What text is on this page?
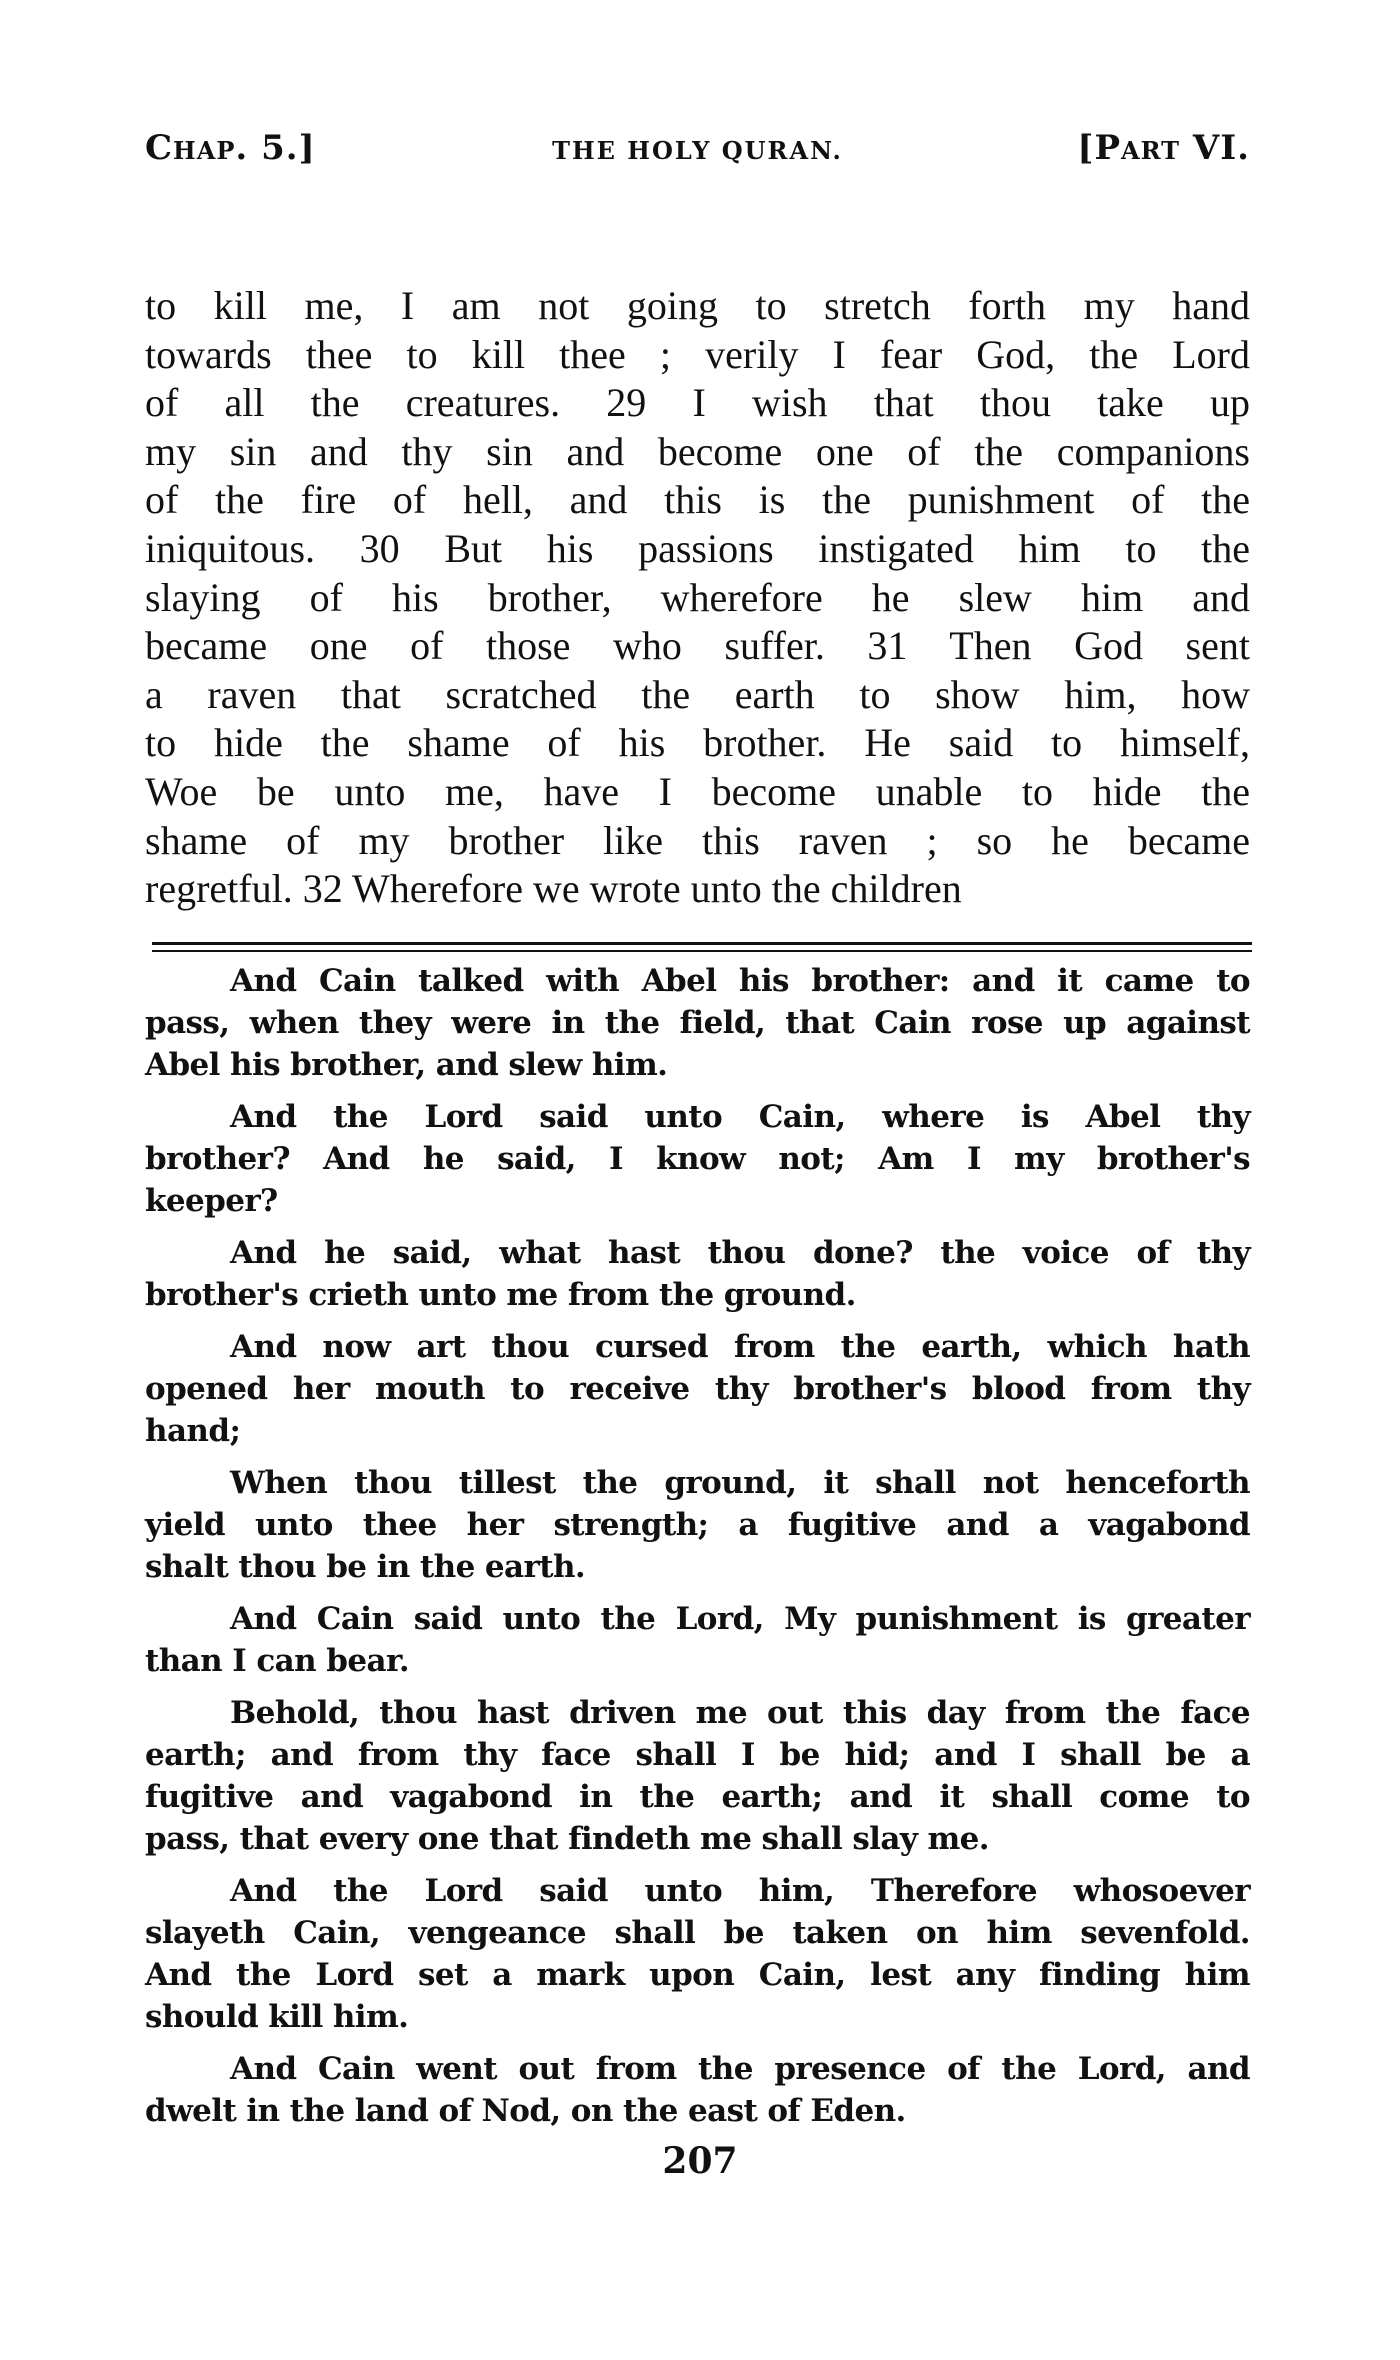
Chap. 5.]	THE HOLY QURAN.	[Part VI.
to kill me, I am not going to stretch forth my hand
towards thee to kill thee ; verily I fear God, the Lord
of all the creatures. 29 I wish that thou take up
my sin and thy sin and become one of the companions
of the fire of hell, and this is the punishment of the
iniquitous. 30 But his passions instigated him to the
slaying of his brother, wherefore he slew him and
became one of those who suffer. 31 Then God sent
a raven that scratched the earth to show him, how
to hide the shame of his brother. He said to himself,
Woe be unto me, have I become unable to hide the
shame of my brother like this raven ; so he became
regretful. 32 Wherefore we wrote unto the children
And Cain talked with Abel his brother: and it came to
pass, when they were in the field, that Cain rose up against
Abel his brother, and slew him.
And the Lord said unto Cain, where is Abel thy
brother? And he said, I know not; Am I my brother's
keeper?
And he said, what hast thou done? the voice of thy
brother's crieth unto me from the ground.
And now art thou cursed from the earth, which hath
opened her mouth to receive thy brother's blood from thy
hand;
When thou tillest the ground, it shall not henceforth
yield unto thee her strength; a fugitive and a vagabond
shalt thou be in the earth.
And Cain said unto the Lord, My punishment is greater
than I can bear.
Behold, thou hast driven me out this day from the face
earth; and from thy face shall I be hid; and I shall be a
fugitive and vagabond in the earth; and it shall come to
pass, that every one that findeth me shall slay me.
And the Lord said unto him, Therefore whosoever
slayeth Cain, vengeance shall be taken on him sevenfold.
And the Lord set a mark upon Cain, lest any finding him
should kill him.
And Cain went out from the presence of the Lord, and
dwelt in the land of Nod, on the east of Eden.
207
